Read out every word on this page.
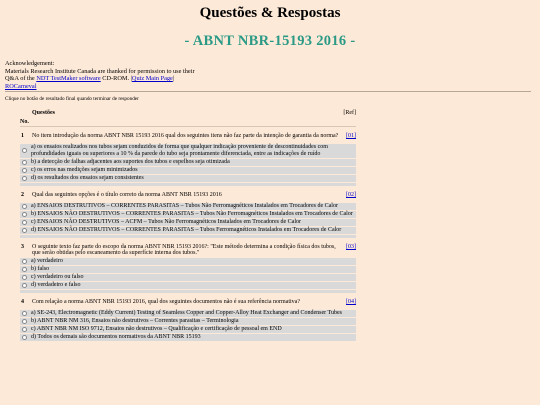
Questões & Respostas
- ABNT NBR-15193 2016 -
Acknowledgement:
Materials Research Institute Canada are thanked for permission to use their
Q&A of the NDT TestMaker software CD-ROM. |Quiz Main Page|
ROCarneval
Clique no botão de resultado final quando terminar de responder
Questões
No.
[Ref]
1 No item introdução da norma ABNT NBR 15193 2016 qual dos seguintes itens não faz parte da intenção de garantia da norma? [01]
a) os ensaios realizados nos tubos sejam conduzidos de forma que qualquer indicação proveniente de descontinuidades com profundidades iguais ou superiores a 10 % da parede do tubo seja prontamente diferenciada, entre as indicações de ruído
b) a detecção de falhas adjacentes aos suportes dos tubos e espelhos seja otimizada
c) os erros nas medições sejam minimizados
d) os resultados dos ensaios sejam consistentes
2 Qual das seguintes opções é o título correto da norma ABNT NBR 15193 2016	[02]
a) ENSAIOS DESTRUTIVOS – CORRENTES PARASITAS – Tubos Não Ferromagnéticos Instalados em Trocadores de Calor
b) ENSAIOS NÃO DESTRUTIVOS – CORRENTES PARASITAS – Tubos Não Ferromagnéticos Instalados em Trocadores de Calor
c) ENSAIOS NÃO DESTRUTIVOS – ACFM – Tubos Não Ferromagnéticos Instalados em Trocadores de Calor
d) ENSAIOS NÃO DESTRUTIVOS – CORRENTES PARASITAS – Tubos Ferromagnéticos Instalados em Trocadores de Calor
3 O seguinte texto faz parte do escopo da norma ABNT NBR 15193 2016?: "Este método determina a condição física dos tubos, que serão obtidas pelo escaneamento da superfície interna dos tubos."
[03]
a) verdadeiro
b) falso
c) verdadeiro ou falso
d) verdadeiro e falso
4 Com relação a norma ABNT NBR 15193 2016, qual dos seguintes documentos não é sua referência normativa?	[04]
a) SE-243, Electromagnetic (Eddy Current) Testing of Seamless Copper and Copper-Alloy Heat Exchanger and Condenser Tubes
b) ABNT NBR NM 316, Ensaios não destrutivos – Correntes parasitas – Terminologia
c) ABNT NBR NM ISO 9712, Ensaios não destrutivos – Qualificação e certificação de pessoal em END
d) Todos os demais são documentos normativos da ABNT NBR 15193
